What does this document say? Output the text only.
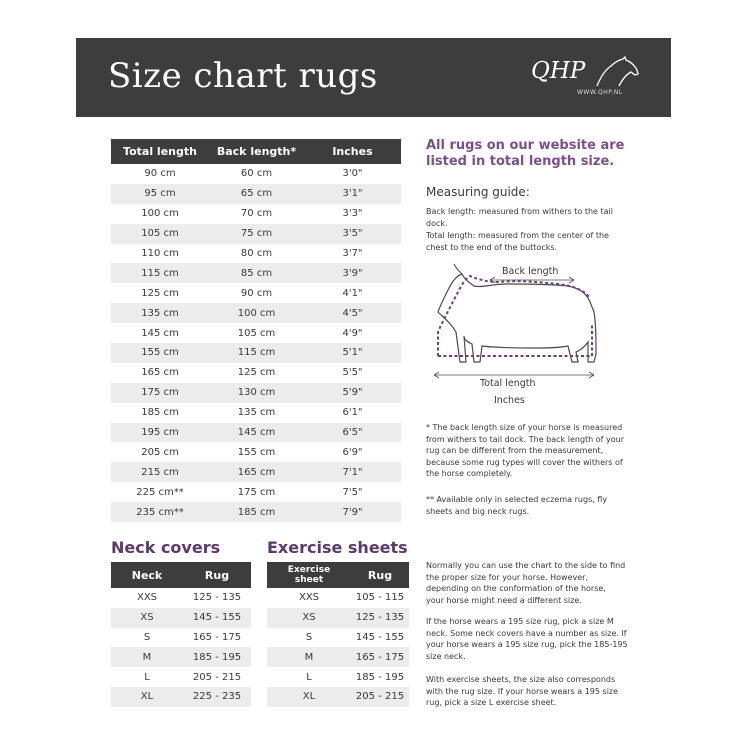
Size chart rugs	QHP
WWW.QHP.NL
Total length	Back length*	Inches
90 cm	60 cm	3'0"
95 cm	65 cm	3'1"
100 cm	70 cm	3'3"
105 cm	75 cm	3'5"
110 cm	80 cm	3'7"
115 cm	85 cm	3'9"
125 cm	90 cm	4'1"
135 cm	100 cm	4'5"
145 cm	105 cm	4'9"
155 cm	115 cm	5'1"
165 cm	125 cm	5'5"
175 cm	130 cm	5'9"
185 cm	135 cm	6'1"
195 cm	145 cm	6'5"
205 cm	155 cm	6'9"
215 cm	165 cm	7'1"
225 cm**	175 cm	7'5"
235 cm**	185 cm	7'9"
All rugs on our website are listed in total length size.
Measuring guide:
Back length: measured from withers to the tail dock.
Total length: measured from the center of the chest to the end of the buttocks.
Back length
Total length
Inches
* The back length size of your horse is measured from withers to tail dock. The back length of your rug can be different from the measurement, because some rug types will cover the withers of the horse completely.
** Available only in selected eczema rugs, fly sheets and big neck rugs.
Neck covers
Neck	Rug
XXS	125 - 135
XS	145 - 155
S	165 - 175
M	185 - 195
L	205 - 215
XL	225 - 235
Exercise sheets
Exercise sheet	Rug
XXS	105 - 115
XS	125 - 135
S	145 - 155
M	165 - 175
L	185 - 195
XL	205 - 215
Normally you can use the chart to the side to find the proper size for your horse. However, depending on the conformation of the horse, your horse might need a different size.
If the horse wears a 195 size rug, pick a size M neck. Some neck covers have a number as size. If your horse wears a 195 size rug, pick the 185-195 size neck.
With exercise sheets, the size also corresponds with the rug size. If your horse wears a 195 size rug, pick a size L exercise sheet.
